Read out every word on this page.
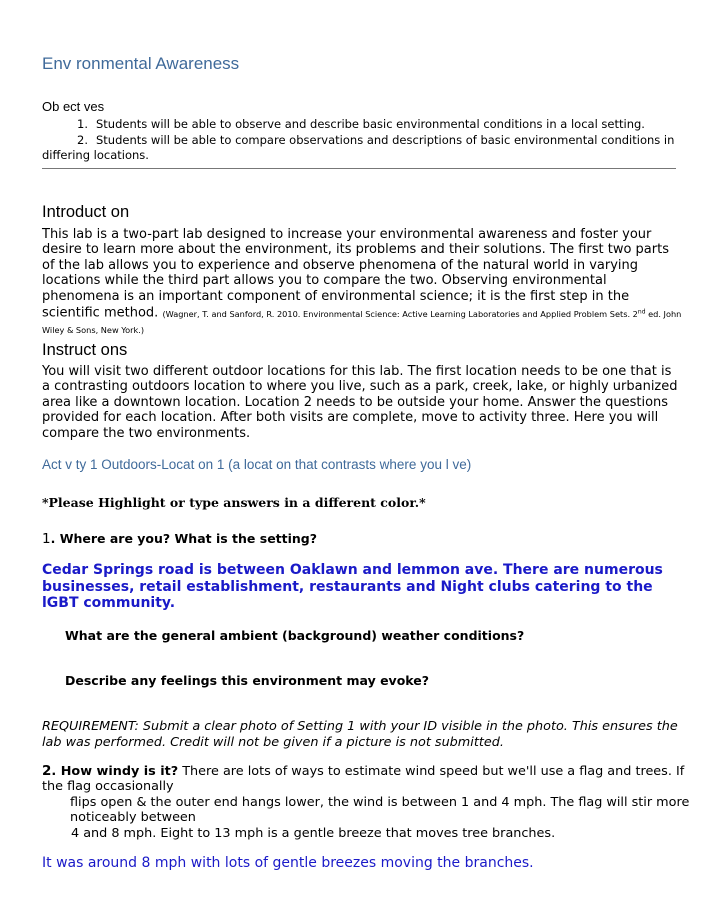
Env ronmental Awareness
Ob ect ves
1. Students will be able to observe and describe basic environmental conditions in a local setting.
2. Students will be able to compare observations and descriptions of basic environmental conditions in differing locations.
Introduct on
This lab is a two-part lab designed to increase your environmental awareness and foster your desire to learn more about the environment, its problems and their solutions. The first two parts of the lab allows you to experience and observe phenomena of the natural world in varying locations while the third part allows you to compare the two. Observing environmental phenomena is an important component of environmental science; it is the first step in the scientific method. (Wagner, T. and Sanford, R. 2010. Environmental Science: Active Learning Laboratories and Applied Problem Sets. 2nd ed. John Wiley & Sons, New York.)
Instruct ons
You will visit two different outdoor locations for this lab. The first location needs to be one that is a contrasting outdoors location to where you live, such as a park, creek, lake, or highly urbanized area like a downtown location. Location 2 needs to be outside your home. Answer the questions provided for each location. After both visits are complete, move to activity three. Here you will compare the two environments.
Act v ty 1 Outdoors-Locat on 1 (a locat on that contrasts where you l ve)
*Please Highlight or type answers in a different color.*
1. Where are you? What is the setting?
Cedar Springs road is between Oaklawn and lemmon ave. There are numerous businesses, retail establishment, restaurants and Night clubs catering to the lGBT community.
What are the general ambient (background) weather conditions?
Describe any feelings this environment may evoke?
REQUIREMENT: Submit a clear photo of Setting 1 with your ID visible in the photo. This ensures the lab was performed. Credit will not be given if a picture is not submitted.
2. How windy is it? There are lots of ways to estimate wind speed but we'll use a flag and trees. If the flag occasionally
flips open & the outer end hangs lower, the wind is between 1 and 4 mph. The flag will stir more noticeably between
4 and 8 mph. Eight to 13 mph is a gentle breeze that moves tree branches.
It was around 8 mph with lots of gentle breezes moving the branches.
